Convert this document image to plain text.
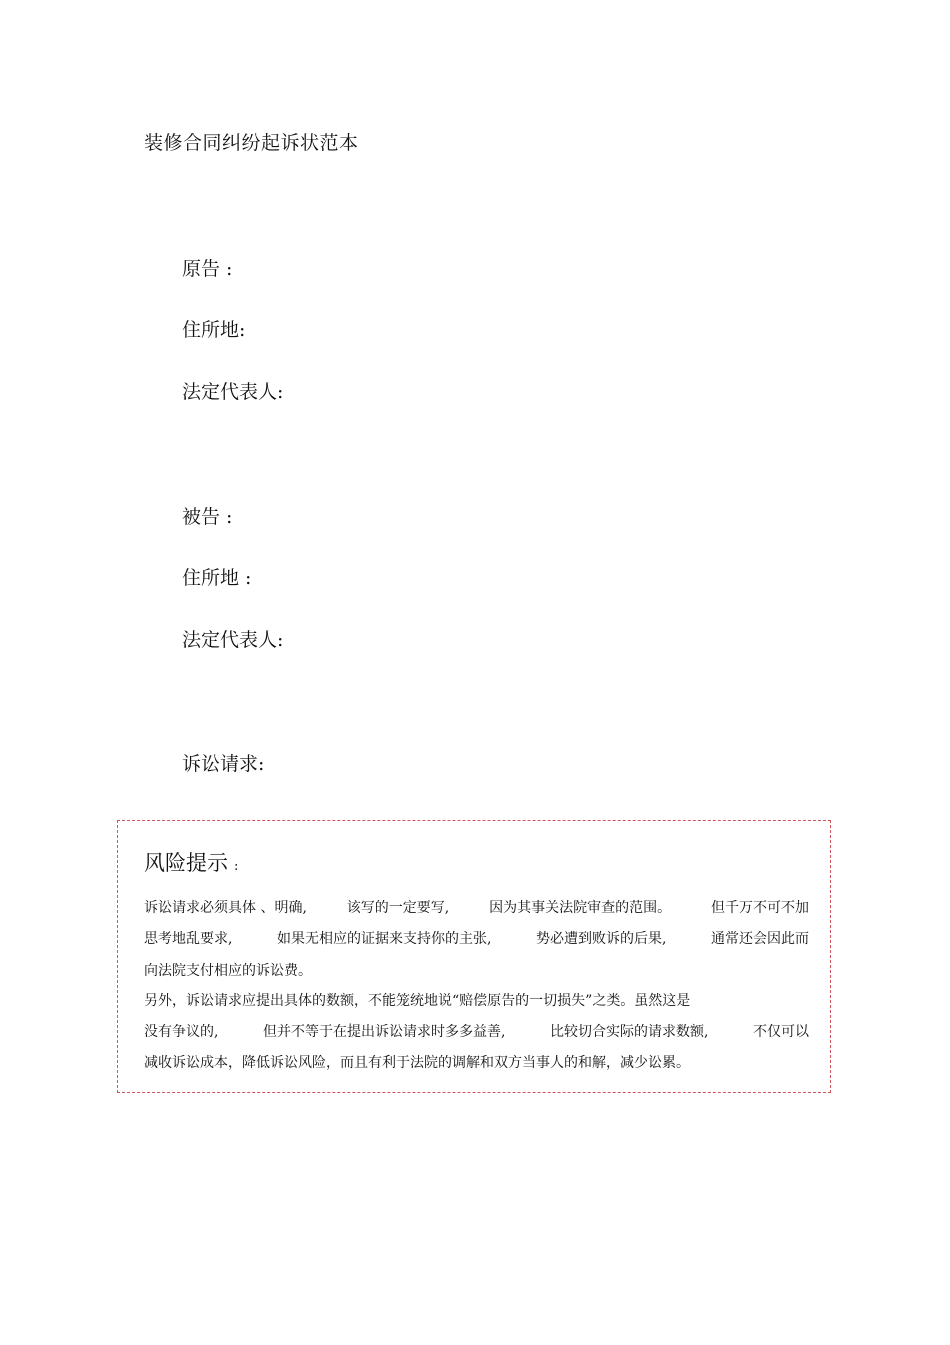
装修合同纠纷起诉状范本
原告 :
住所地:
法定代表人:
被告 :
住所地 :
法定代表人:
诉讼请求:
风险提示 :
诉讼请求必须具体 、明确,	该写的一定要写,	因为其事关法院审查的范围。	但千万不可不加
思考地乱要求,	如果无相应的证据来支持你的主张,	势必遭到败诉的后果,	通常还会因此而
向法院支付相应的诉讼费。
另外，诉讼请求应提出具体的数额，不能笼统地说“赔偿原告的一切损失”之类。虽然这是
没有争议的,	但并不等于在提出诉讼请求时多多益善,	比较切合实际的请求数额,	不仅可以
减收诉讼成本，降低诉讼风险，而且有利于法院的调解和双方当事人的和解，减少讼累。
